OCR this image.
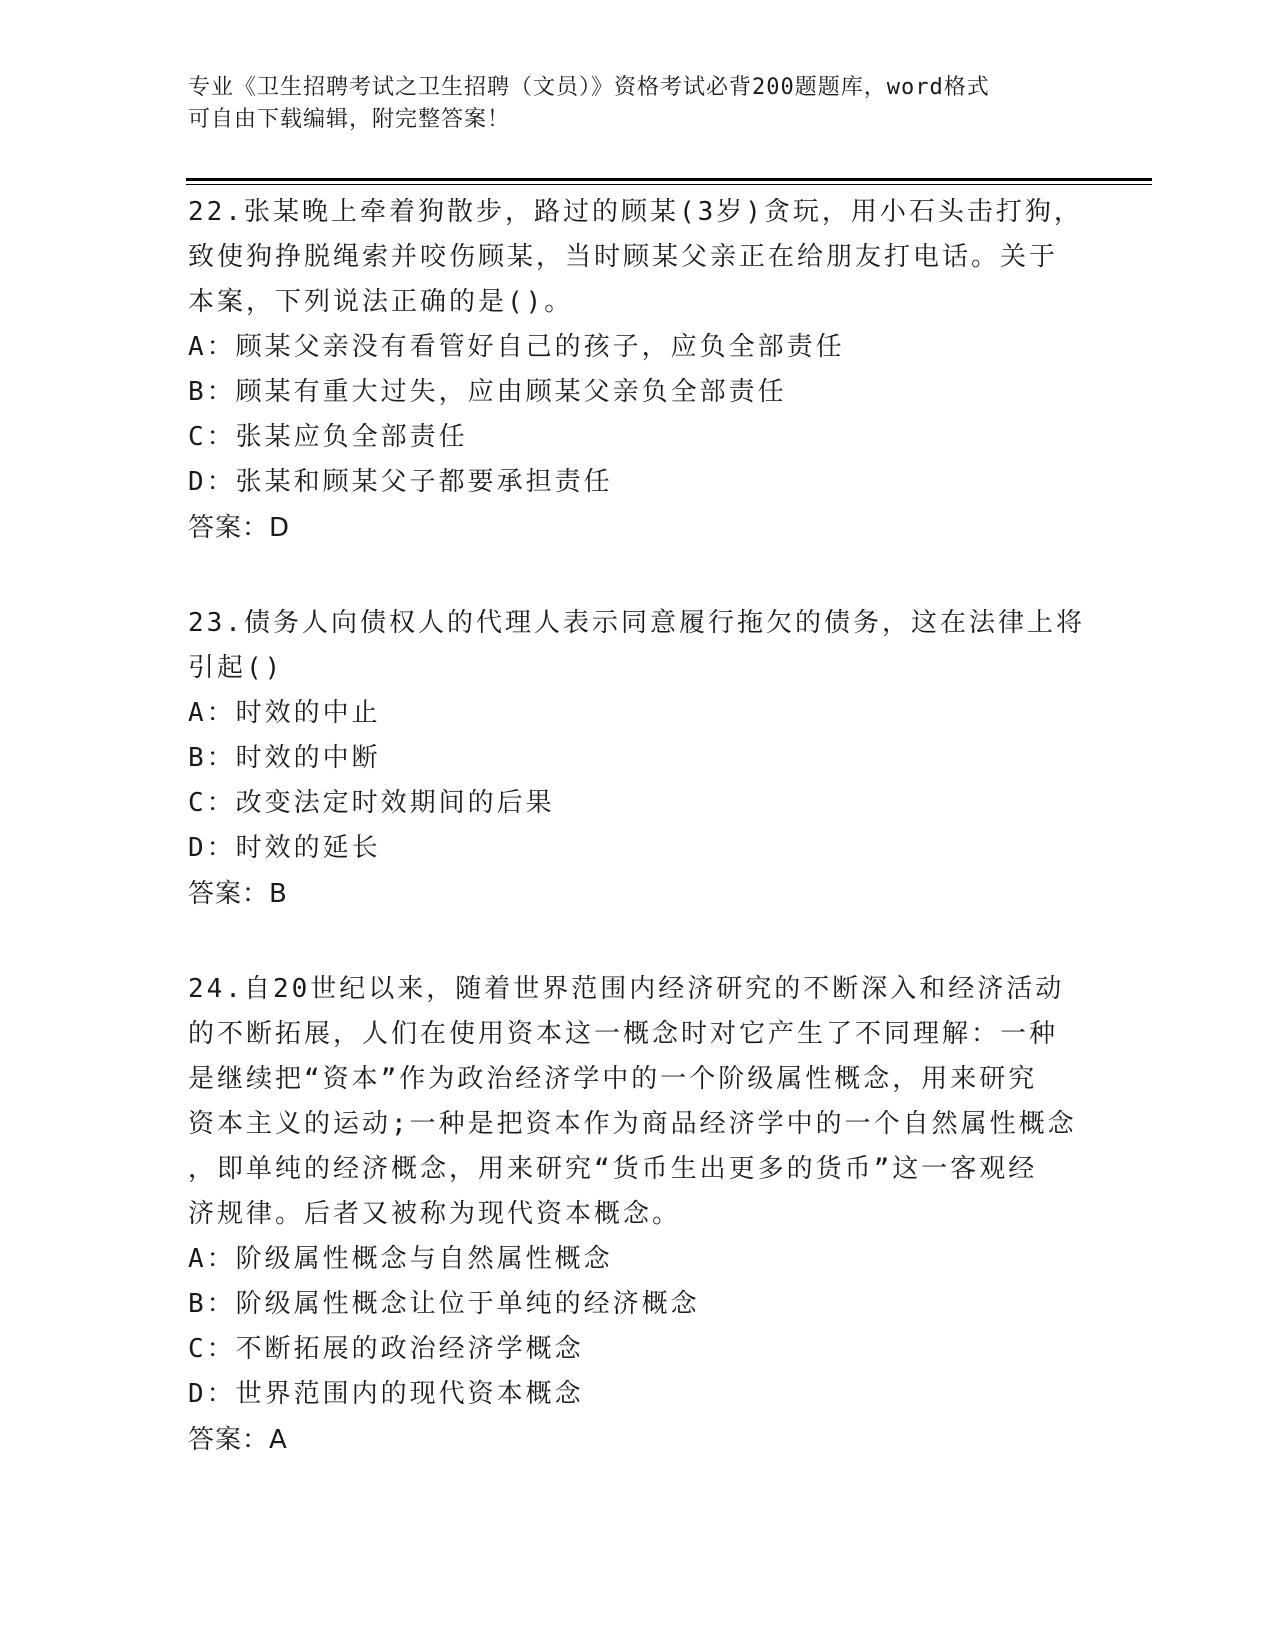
专业《卫生招聘考试之卫生招聘（文员）》资格考试必背200题题库，word格式
可自由下载编辑，附完整答案！

22.张某晚上牵着狗散步，路过的顾某(3岁)贪玩，用小石头击打狗，

致使狗挣脱绳索并咬伤顾某，当时顾某父亲正在给朋友打电话。关于

本案，下列说法正确的是()。

A：顾某父亲没有看管好自己的孩子，应负全部责任

B：顾某有重大过失，应由顾某父亲负全部责任

C：张某应负全部责任

D：张某和顾某父子都要承担责任

答案：D

23.债务人向债权人的代理人表示同意履行拖欠的债务，这在法律上将

引起()

A：时效的中止

B：时效的中断

C：改变法定时效期间的后果

D：时效的延长

答案：B

24.自20世纪以来，随着世界范围内经济研究的不断深入和经济活动

的不断拓展，人们在使用资本这一概念时对它产生了不同理解：一种

是继续把“资本”作为政治经济学中的一个阶级属性概念，用来研究

资本主义的运动;一种是把资本作为商品经济学中的一个自然属性概念

，即单纯的经济概念，用来研究“货币生出更多的货币”这一客观经

济规律。后者又被称为现代资本概念。

A：阶级属性概念与自然属性概念

B：阶级属性概念让位于单纯的经济概念

C：不断拓展的政治经济学概念

D：世界范围内的现代资本概念

答案：A
